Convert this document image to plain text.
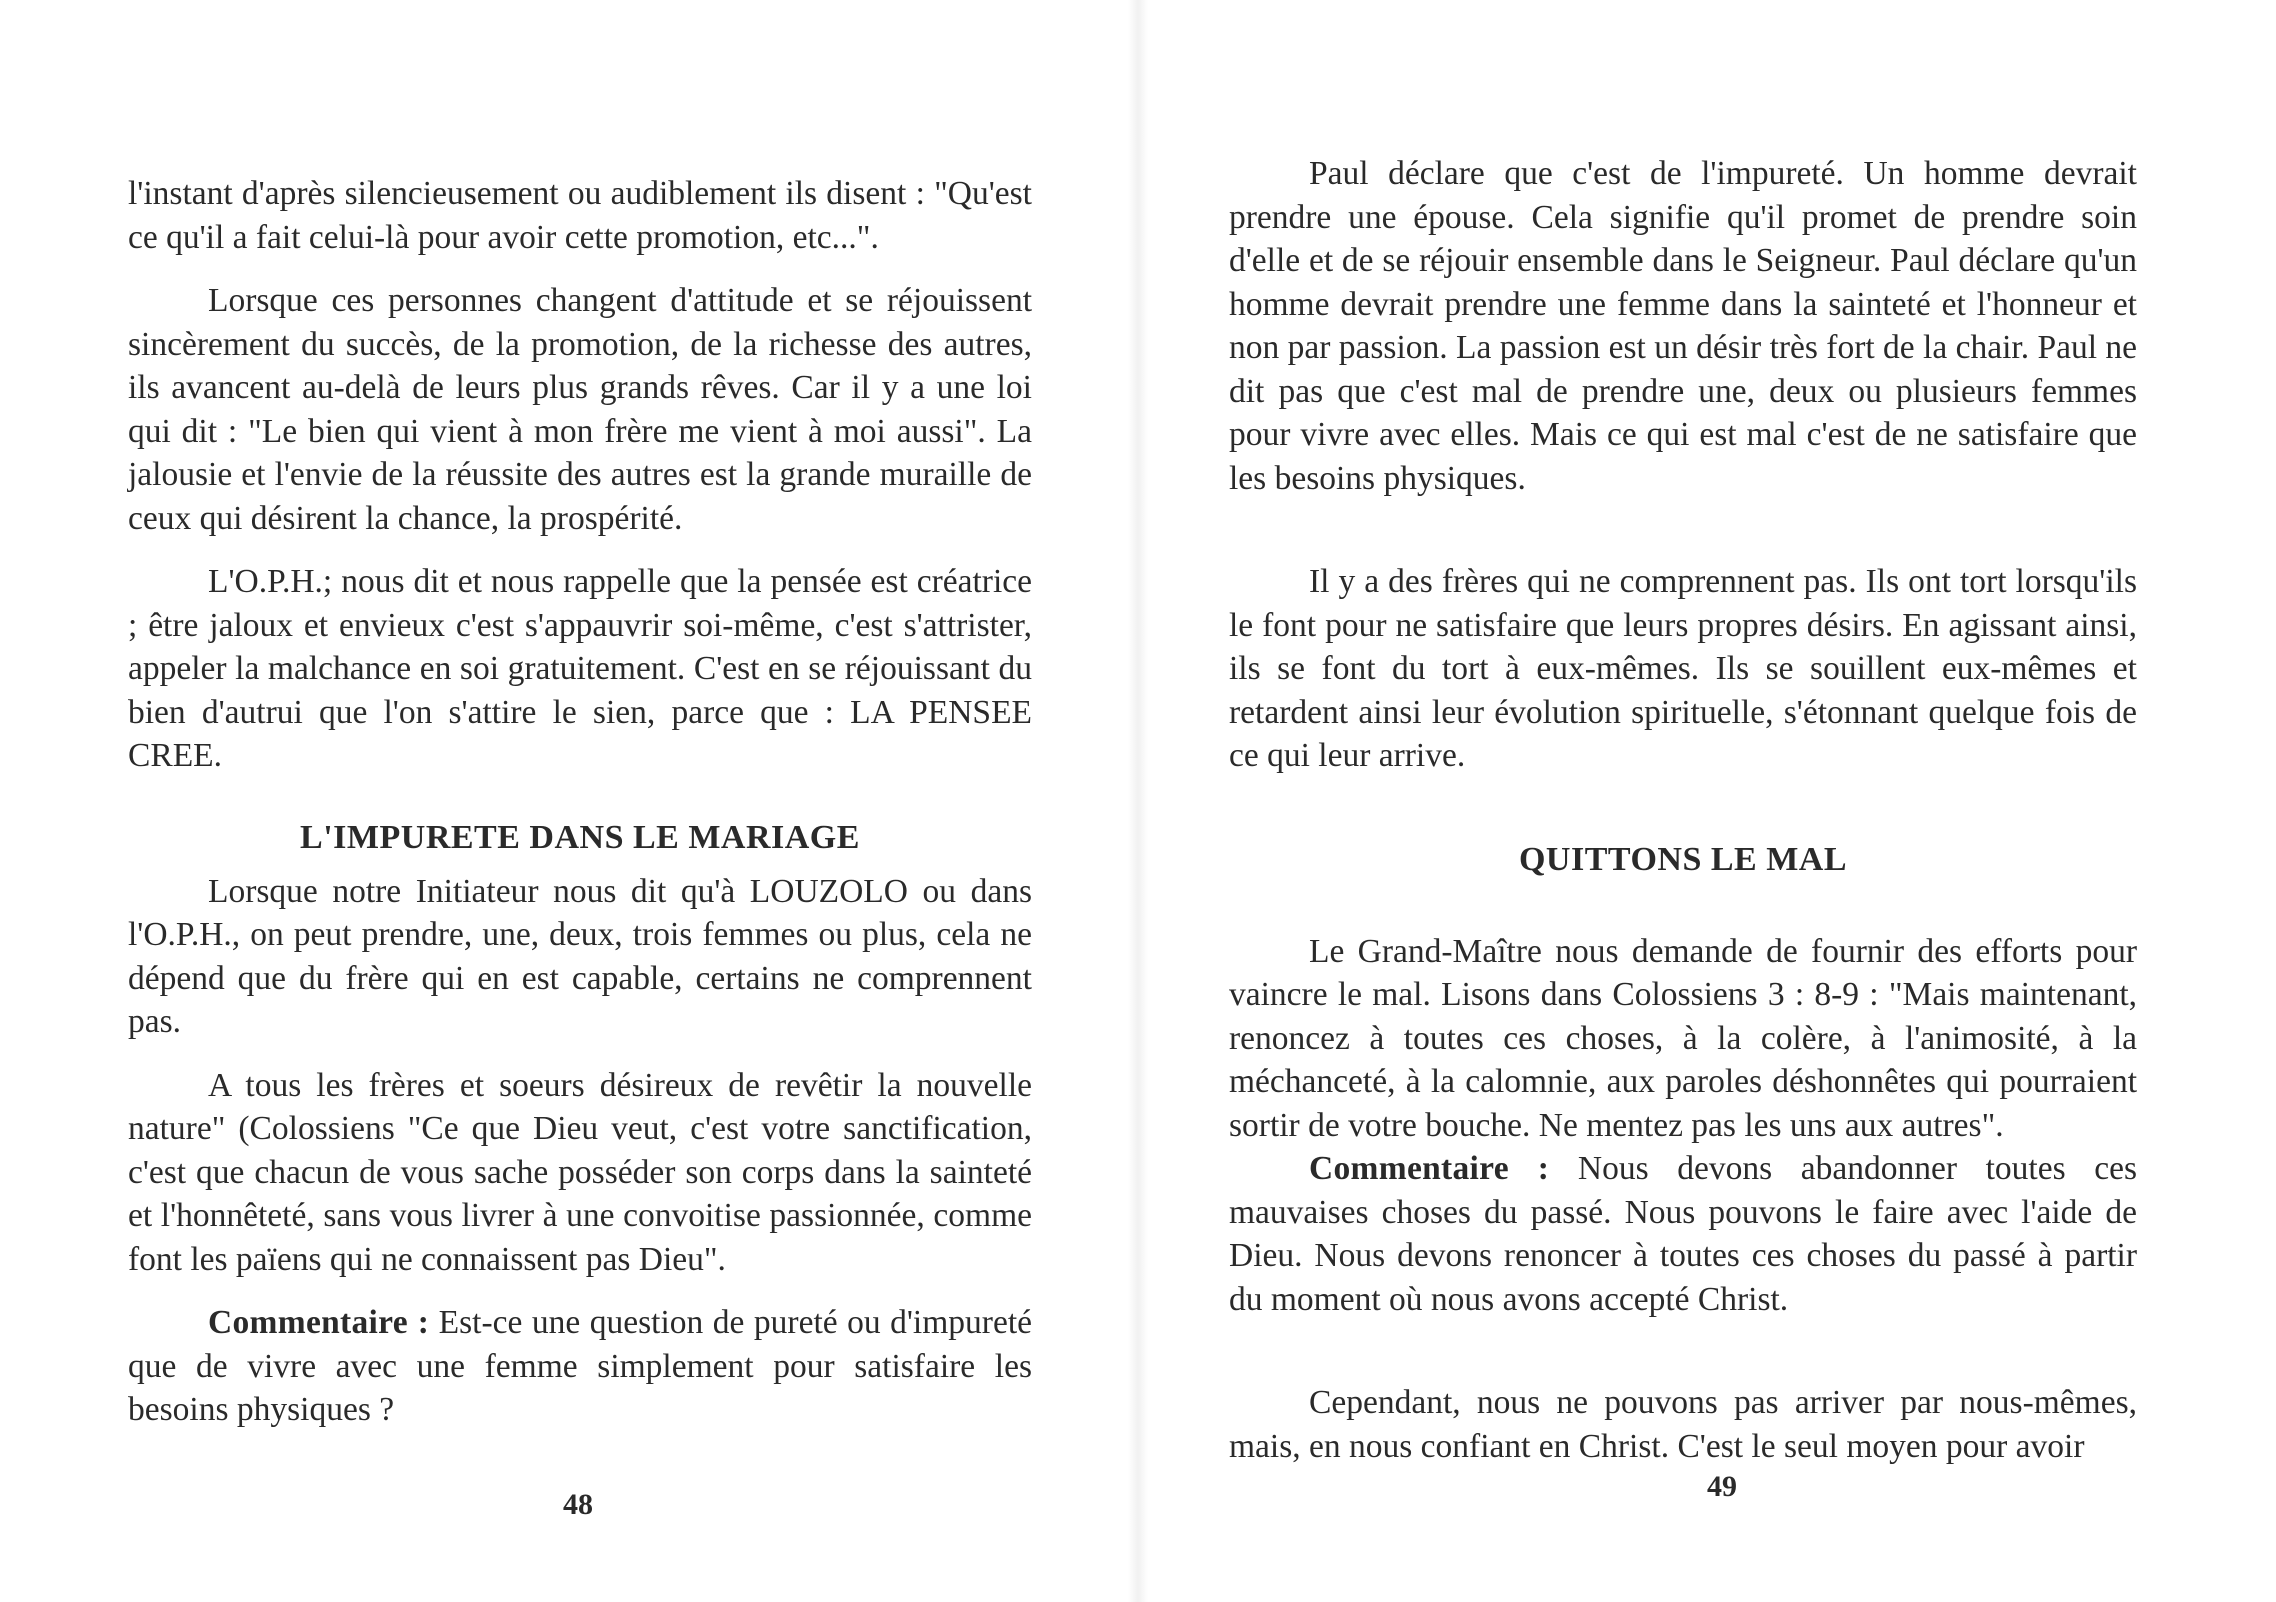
l'instant d'après silencieusement ou audiblement ils disent : "Qu'est ce qu'il a fait celui-là pour avoir cette promotion, etc...".

Lorsque ces personnes changent d'attitude et se réjouissent sincèrement du succès, de la promotion, de la richesse des autres, ils avancent au-delà de leurs plus grands rêves. Car il y a une loi qui dit : "Le bien qui vient à mon frère me vient à moi aussi". La jalousie et l'envie de la réussite des autres est la grande muraille de ceux qui désirent la chance, la prospérité.

L'O.P.H.; nous dit et nous rappelle que la pensée est créatrice ; être jaloux et envieux c'est s'appauvrir soi-même, c'est s'attrister, appeler la malchance en soi gratuitement. C'est en se réjouissant du bien d'autrui que l'on s'attire le sien, parce que : LA PENSEE CREE.

L'IMPURETE DANS LE MARIAGE

Lorsque notre Initiateur nous dit qu'à LOUZOLO ou dans l'O.P.H., on peut prendre, une, deux, trois femmes ou plus, cela ne dépend que du frère qui en est capable, certains ne comprennent pas.

A tous les frères et soeurs désireux de revêtir la nouvelle nature" (Colossiens "Ce que Dieu veut, c'est votre sanctification, c'est que chacun de vous sache posséder son corps dans la sainteté et l'honnêteté, sans vous livrer à une convoitise passionnée, comme font les païens qui ne connaissent pas Dieu".

Commentaire : Est-ce une question de pureté ou d'impureté que de vivre avec une femme simplement pour satisfaire les besoins physiques ?

48

Paul déclare que c'est de l'impureté. Un homme devrait prendre une épouse. Cela signifie qu'il promet de prendre soin d'elle et de se réjouir ensemble dans le Seigneur. Paul déclare qu'un homme devrait prendre une femme dans la sainteté et l'honneur et non par passion. La passion est un désir très fort de la chair. Paul ne dit pas que c'est mal de prendre une, deux ou plusieurs femmes pour vivre avec elles. Mais ce qui est mal c'est de ne satisfaire que les besoins physiques.

Il y a des frères qui ne comprennent pas. Ils ont tort lorsqu'ils le font pour ne satisfaire que leurs propres désirs. En agissant ainsi, ils se font du tort à eux-mêmes. Ils se souillent eux-mêmes et retardent ainsi leur évolution spirituelle, s'étonnant quelque fois de ce qui leur arrive.

QUITTONS LE MAL

Le Grand-Maître nous demande de fournir des efforts pour vaincre le mal. Lisons dans Colossiens 3 : 8-9 : "Mais maintenant, renoncez à toutes ces choses, à la colère, à l'animosité, à la méchanceté, à la calomnie, aux paroles déshonnêtes qui pourraient sortir de votre bouche. Ne mentez pas les uns aux autres".

Commentaire : Nous devons abandonner toutes ces mauvaises choses du passé. Nous pouvons le faire avec l'aide de Dieu. Nous devons renoncer à toutes ces choses du passé à partir du moment où nous avons accepté Christ.

Cependant, nous ne pouvons pas arriver par nous-mêmes, mais, en nous confiant en Christ. C'est le seul moyen pour avoir

49
